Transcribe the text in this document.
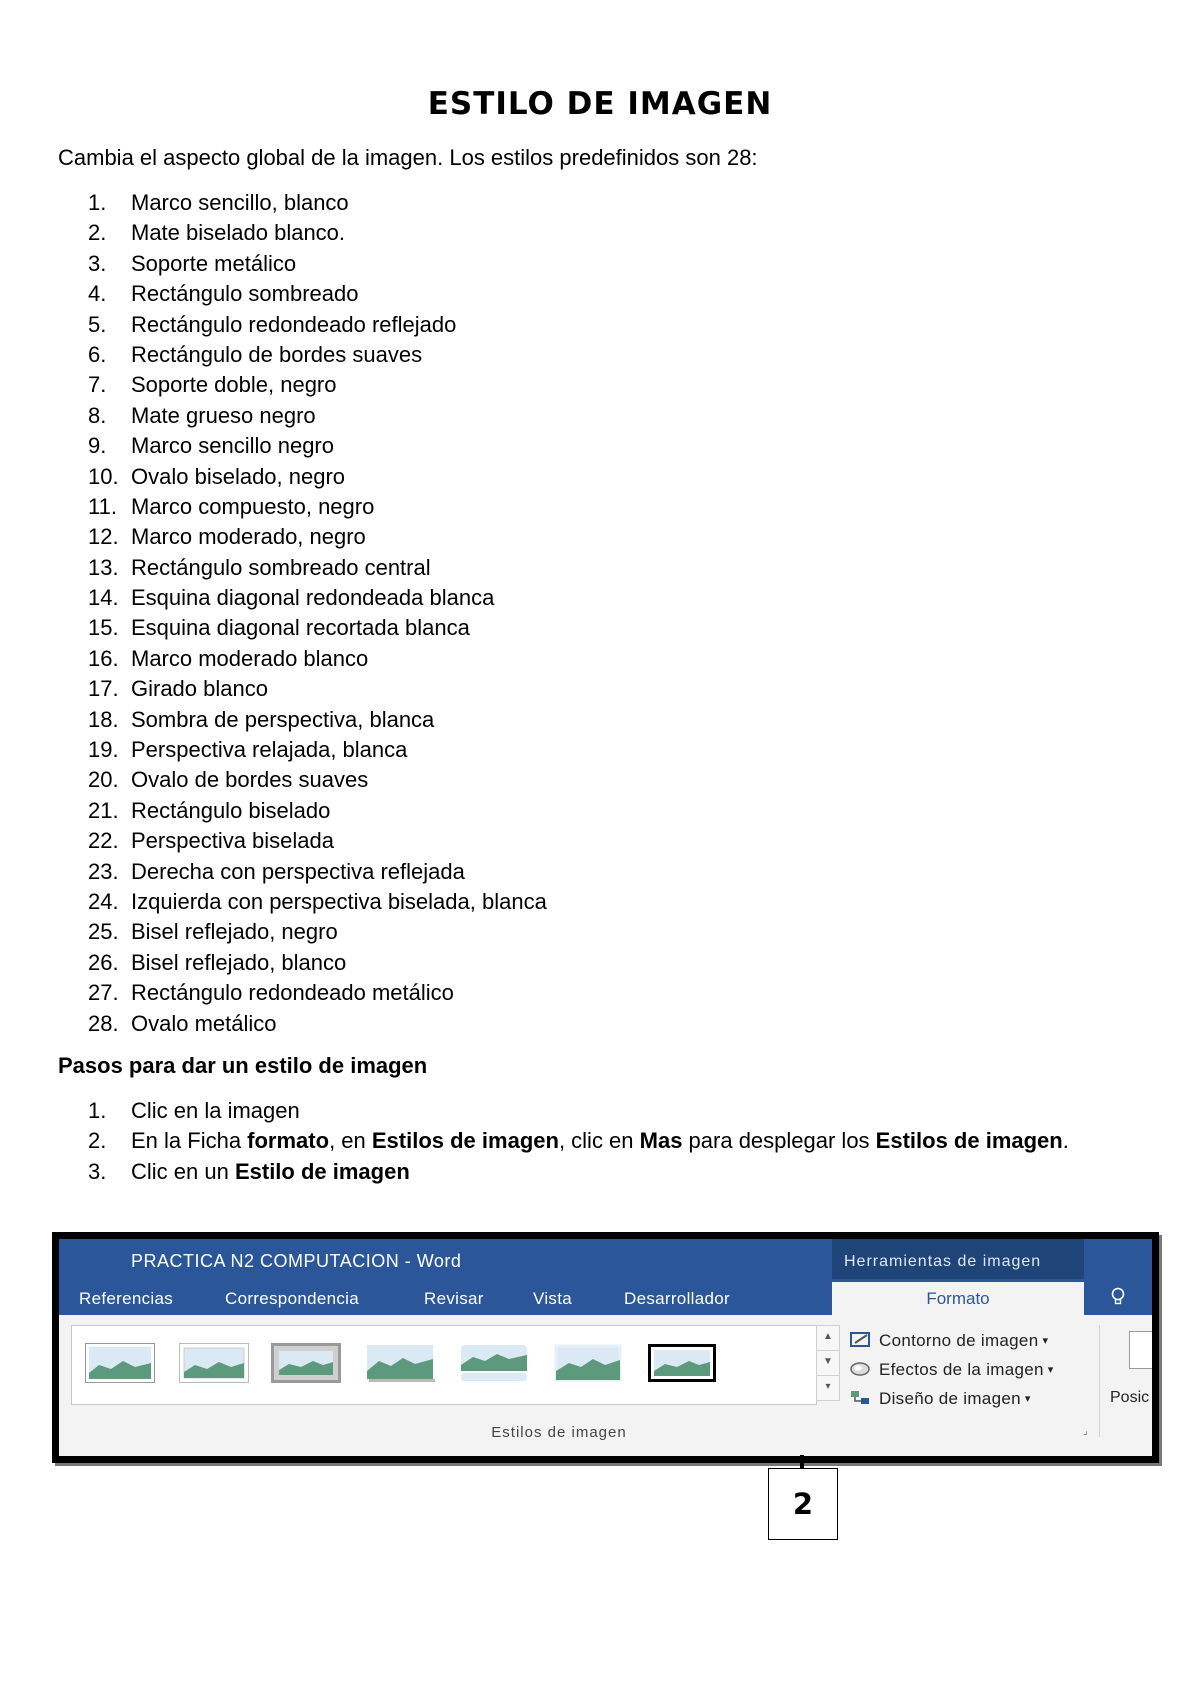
ESTILO DE IMAGEN
Cambia el aspecto global de la imagen. Los estilos predefinidos son 28:
1. Marco sencillo, blanco
2. Mate biselado blanco.
3. Soporte metálico
4. Rectángulo sombreado
5. Rectángulo redondeado reflejado
6. Rectángulo de bordes suaves
7. Soporte doble, negro
8. Mate grueso negro
9. Marco sencillo negro
10. Ovalo biselado, negro
11. Marco compuesto, negro
12. Marco moderado, negro
13. Rectángulo sombreado central
14. Esquina diagonal redondeada blanca
15. Esquina diagonal recortada blanca
16. Marco moderado blanco
17. Girado blanco
18. Sombra de perspectiva, blanca
19. Perspectiva relajada, blanca
20. Ovalo de bordes suaves
21. Rectángulo biselado
22. Perspectiva biselada
23. Derecha con perspectiva reflejada
24. Izquierda con perspectiva biselada, blanca
25. Bisel reflejado, negro
26. Bisel reflejado, blanco
27. Rectángulo redondeado metálico
28. Ovalo metálico
Pasos para dar un estilo de imagen
1. Clic en la imagen
2. En la Ficha formato, en Estilos de imagen, clic en Mas para desplegar los Estilos de imagen.
3. Clic en un Estilo de imagen
PRACTICA N2 COMPUTACION - Word	Herramientas de imagen
Referencias	Correspondencia	Revisar	Vista	Desarrollador	Formato
▲
▼
▾
Contorno de imagen ▾
Efectos de la imagen ▾
Diseño de imagen ▾
Estilos de imagen	⌟
Posic
2
